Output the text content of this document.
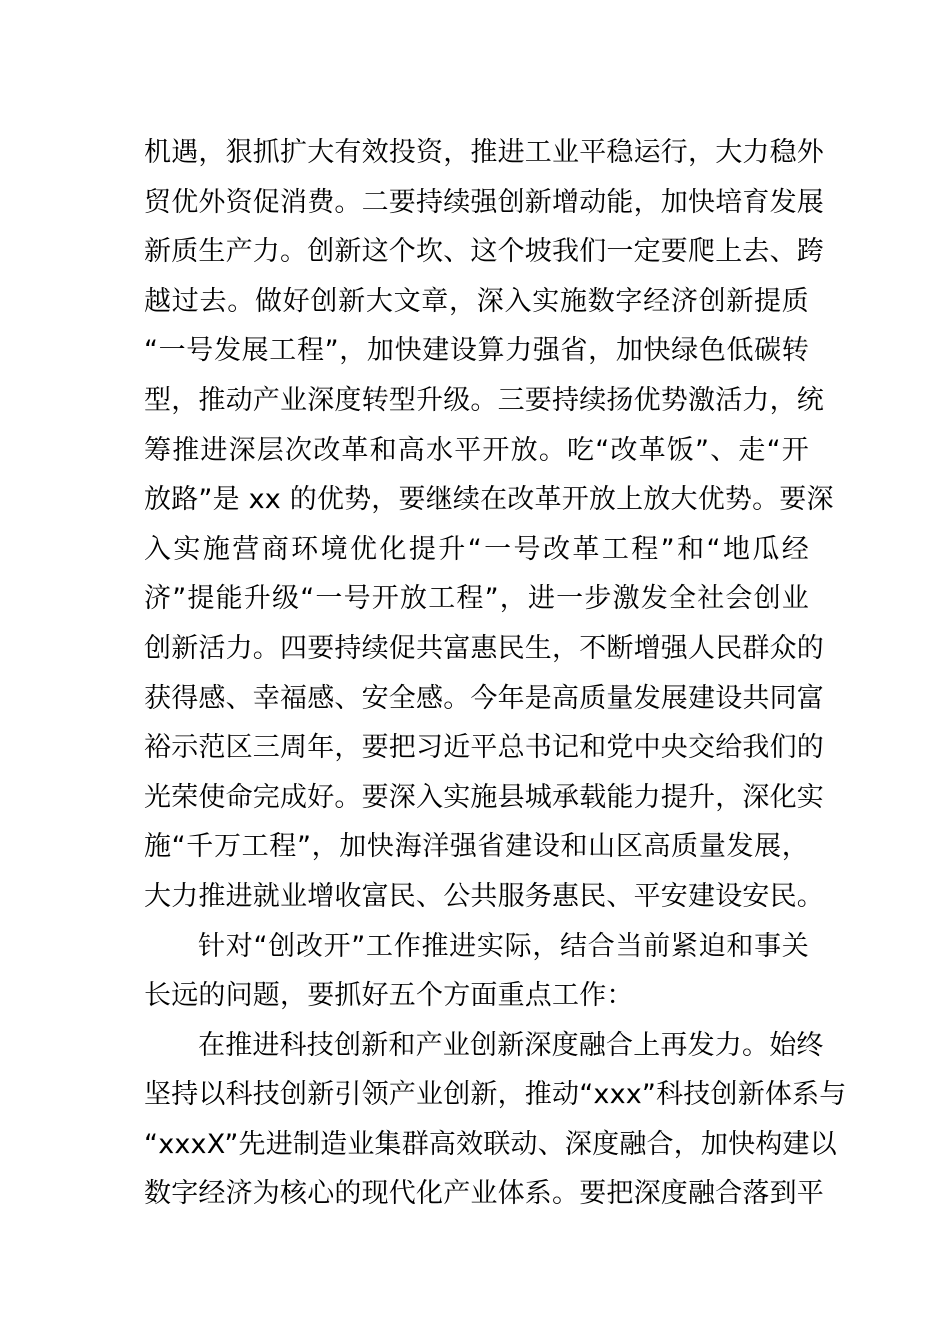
机遇，狠抓扩大有效投资，推进工业平稳运行，大力稳外
贸优外资促消费。二要持续强创新增动能，加快培育发展
新质生产力。创新这个坎、这个坡我们一定要爬上去、跨
越过去。做好创新大文章，深入实施数字经济创新提质
“一号发展工程”，加快建设算力强省，加快绿色低碳转
型，推动产业深度转型升级。三要持续扬优势激活力，统
筹推进深层次改革和高水平开放。吃“改革饭”、走“开
放路”是 xx 的优势，要继续在改革开放上放大优势。要深
入实施营商环境优化提升“一号改革工程”和“地瓜经
济”提能升级“一号开放工程”，进一步激发全社会创业
创新活力。四要持续促共富惠民生，不断增强人民群众的
获得感、幸福感、安全感。今年是高质量发展建设共同富
裕示范区三周年，要把习近平总书记和党中央交给我们的
光荣使命完成好。要深入实施县城承载能力提升，深化实
施“千万工程”，加快海洋强省建设和山区高质量发展，
大力推进就业增收富民、公共服务惠民、平安建设安民。
针对“创改开”工作推进实际，结合当前紧迫和事关
长远的问题，要抓好五个方面重点工作：
在推进科技创新和产业创新深度融合上再发力。始终
坚持以科技创新引领产业创新，推动“xxx”科技创新体系与
“xxxX”先进制造业集群高效联动、深度融合，加快构建以
数字经济为核心的现代化产业体系。要把深度融合落到平
